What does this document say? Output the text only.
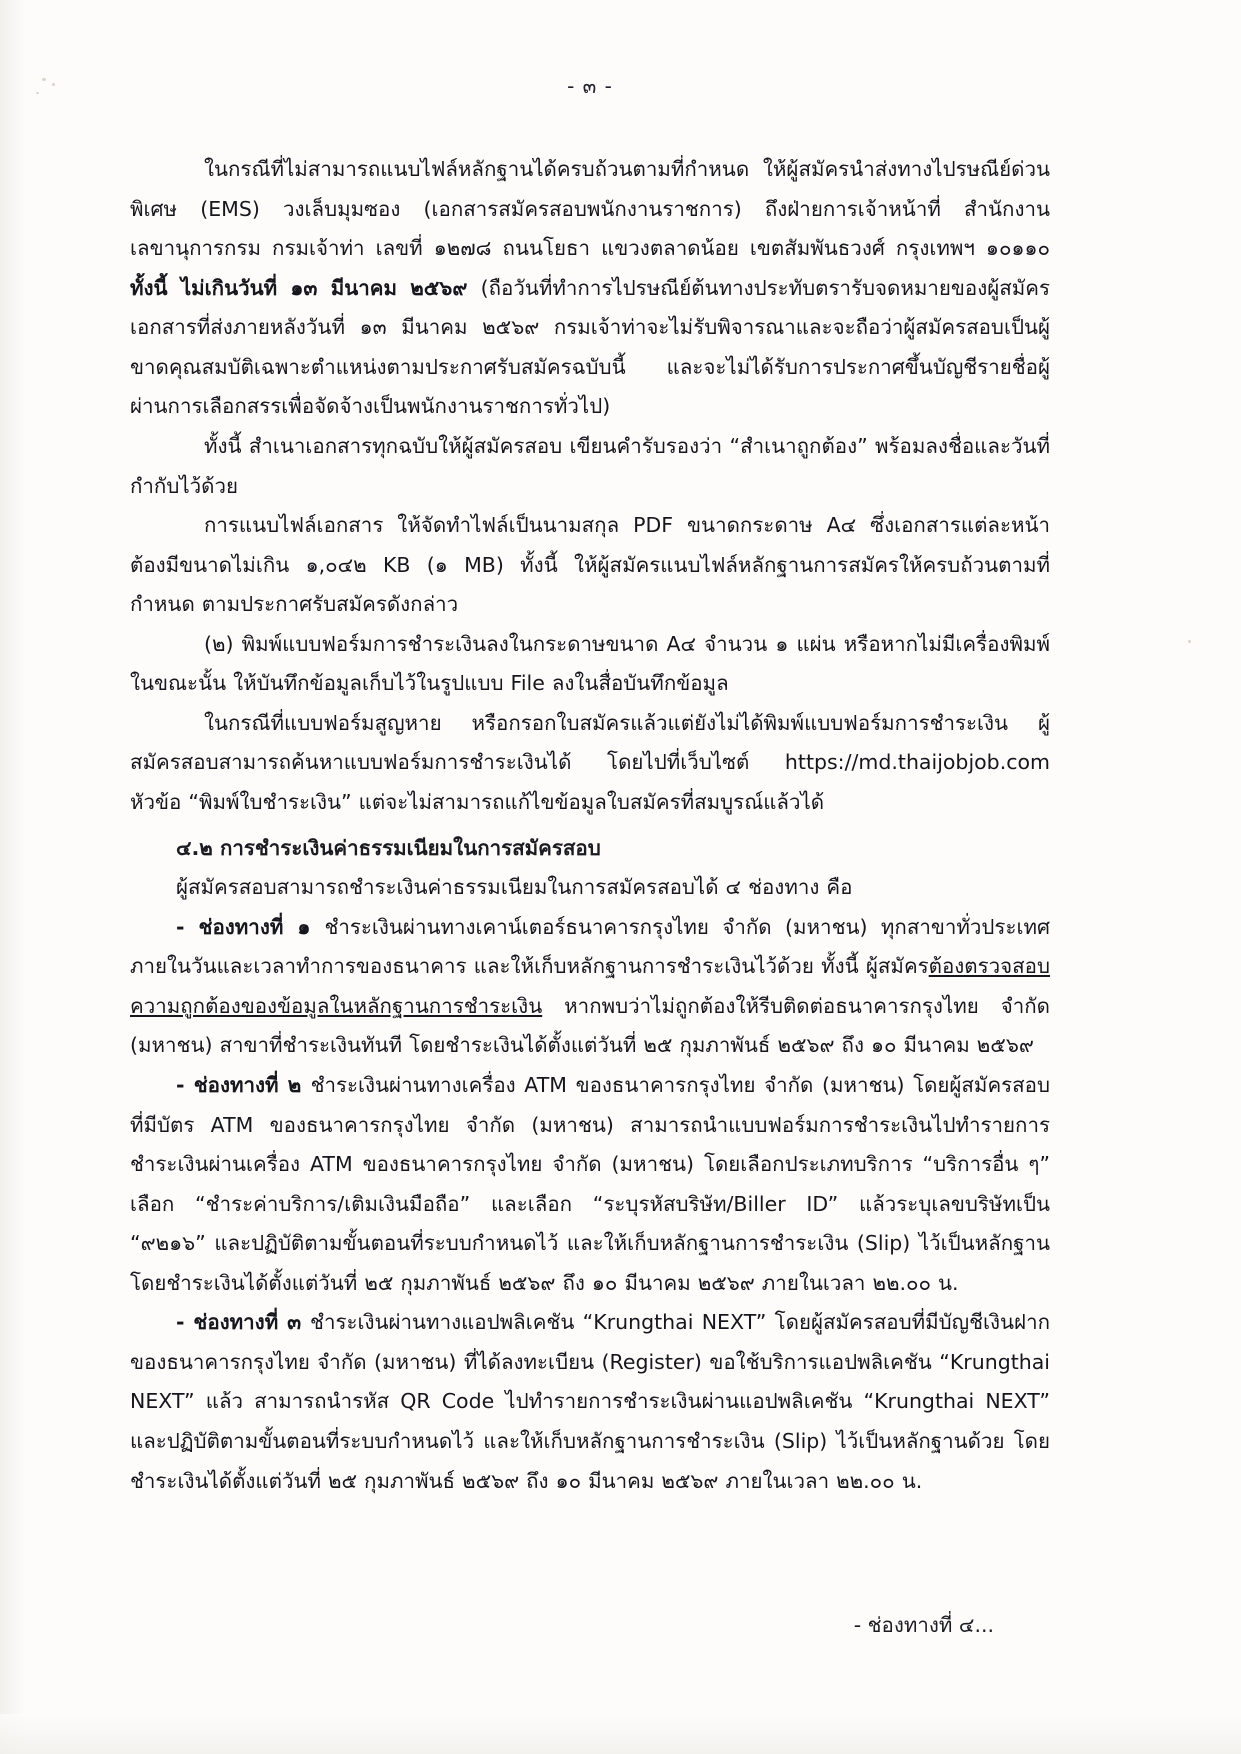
- ๓ -

ในกรณีที่ไม่สามารถแนบไฟล์หลักฐานได้ครบถ้วนตามที่กำหนด ให้ผู้สมัครนำส่งทางไปรษณีย์ด่วนพิเศษ (EMS) วงเล็บมุมซอง (เอกสารสมัครสอบพนักงานราชการ) ถึงฝ่ายการเจ้าหน้าที่ สำนักงานเลขานุการกรม กรมเจ้าท่า เลขที่ ๑๒๗๘ ถนนโยธา แขวงตลาดน้อย เขตสัมพันธวงศ์ กรุงเทพฯ ๑๐๑๑๐ ทั้งนี้ ไม่เกินวันที่ ๑๓ มีนาคม ๒๕๖๙ (ถือวันที่ทำการไปรษณีย์ต้นทางประทับตรารับจดหมายของผู้สมัคร เอกสารที่ส่งภายหลังวันที่ ๑๓ มีนาคม ๒๕๖๙ กรมเจ้าท่าจะไม่รับพิจารณาและจะถือว่าผู้สมัครสอบเป็นผู้ขาดคุณสมบัติเฉพาะตำแหน่งตามประกาศรับสมัครฉบับนี้ และจะไม่ได้รับการประกาศขึ้นบัญชีรายชื่อผู้ผ่านการเลือกสรรเพื่อจัดจ้างเป็นพนักงานราชการทั่วไป)

ทั้งนี้ สำเนาเอกสารทุกฉบับให้ผู้สมัครสอบ เขียนคำรับรองว่า “สำเนาถูกต้อง” พร้อมลงชื่อและวันที่ กำกับไว้ด้วย

การแนบไฟล์เอกสาร ให้จัดทำไฟล์เป็นนามสกุล PDF ขนาดกระดาษ A๔ ซึ่งเอกสารแต่ละหน้าต้องมีขนาดไม่เกิน ๑,๐๔๒ KB (๑ MB) ทั้งนี้ ให้ผู้สมัครแนบไฟล์หลักฐานการสมัครให้ครบถ้วนตามที่กำหนด ตามประกาศรับสมัครดังกล่าว

(๒) พิมพ์แบบฟอร์มการชำระเงินลงในกระดาษขนาด A๔ จำนวน ๑ แผ่น หรือหากไม่มีเครื่องพิมพ์ในขณะนั้น ให้บันทึกข้อมูลเก็บไว้ในรูปแบบ File ลงในสื่อบันทึกข้อมูล

ในกรณีที่แบบฟอร์มสูญหาย หรือกรอกใบสมัครแล้วแต่ยังไม่ได้พิมพ์แบบฟอร์มการชำระเงิน ผู้สมัครสอบสามารถค้นหาแบบฟอร์มการชำระเงินได้ โดยไปที่เว็บไซต์ https://md.thaijobjob.com หัวข้อ “พิมพ์ใบชำระเงิน” แต่จะไม่สามารถแก้ไขข้อมูลใบสมัครที่สมบูรณ์แล้วได้

๔.๒ การชำระเงินค่าธรรมเนียมในการสมัครสอบ

ผู้สมัครสอบสามารถชำระเงินค่าธรรมเนียมในการสมัครสอบได้ ๔ ช่องทาง คือ

- ช่องทางที่ ๑ ชำระเงินผ่านทางเคาน์เตอร์ธนาคารกรุงไทย จำกัด (มหาชน) ทุกสาขาทั่วประเทศ ภายในวันและเวลาทำการของธนาคาร และให้เก็บหลักฐานการชำระเงินไว้ด้วย ทั้งนี้ ผู้สมัครต้องตรวจสอบความถูกต้องของข้อมูลในหลักฐานการชำระเงิน หากพบว่าไม่ถูกต้องให้รีบติดต่อธนาคารกรุงไทย จำกัด (มหาชน) สาขาที่ชำระเงินทันที โดยชำระเงินได้ตั้งแต่วันที่ ๒๕ กุมภาพันธ์ ๒๕๖๙ ถึง ๑๐ มีนาคม ๒๕๖๙

- ช่องทางที่ ๒ ชำระเงินผ่านทางเครื่อง ATM ของธนาคารกรุงไทย จำกัด (มหาชน) โดยผู้สมัครสอบที่มีบัตร ATM ของธนาคารกรุงไทย จำกัด (มหาชน) สามารถนำแบบฟอร์มการชำระเงินไปทำรายการชำระเงินผ่านเครื่อง ATM ของธนาคารกรุงไทย จำกัด (มหาชน) โดยเลือกประเภทบริการ “บริการอื่น ๆ” เลือก “ชำระค่าบริการ/เติมเงินมือถือ” และเลือก “ระบุรหัสบริษัท/Biller ID” แล้วระบุเลขบริษัทเป็น “๙๒๑๖” และปฏิบัติตามขั้นตอนที่ระบบกำหนดไว้ และให้เก็บหลักฐานการชำระเงิน (Slip) ไว้เป็นหลักฐาน โดยชำระเงินได้ตั้งแต่วันที่ ๒๕ กุมภาพันธ์ ๒๕๖๙ ถึง ๑๐ มีนาคม ๒๕๖๙ ภายในเวลา ๒๒.๐๐ น.

- ช่องทางที่ ๓ ชำระเงินผ่านทางแอปพลิเคชัน “Krungthai NEXT” โดยผู้สมัครสอบที่มีบัญชีเงินฝากของธนาคารกรุงไทย จำกัด (มหาชน) ที่ได้ลงทะเบียน (Register) ขอใช้บริการแอปพลิเคชัน “Krungthai NEXT” แล้ว สามารถนำรหัส QR Code ไปทำรายการชำระเงินผ่านแอปพลิเคชัน “Krungthai NEXT” และปฏิบัติตามขั้นตอนที่ระบบกำหนดไว้ และให้เก็บหลักฐานการชำระเงิน (Slip) ไว้เป็นหลักฐานด้วย โดยชำระเงินได้ตั้งแต่วันที่ ๒๕ กุมภาพันธ์ ๒๕๖๙ ถึง ๑๐ มีนาคม ๒๕๖๙ ภายในเวลา ๒๒.๐๐ น.

- ช่องทางที่ ๔...
